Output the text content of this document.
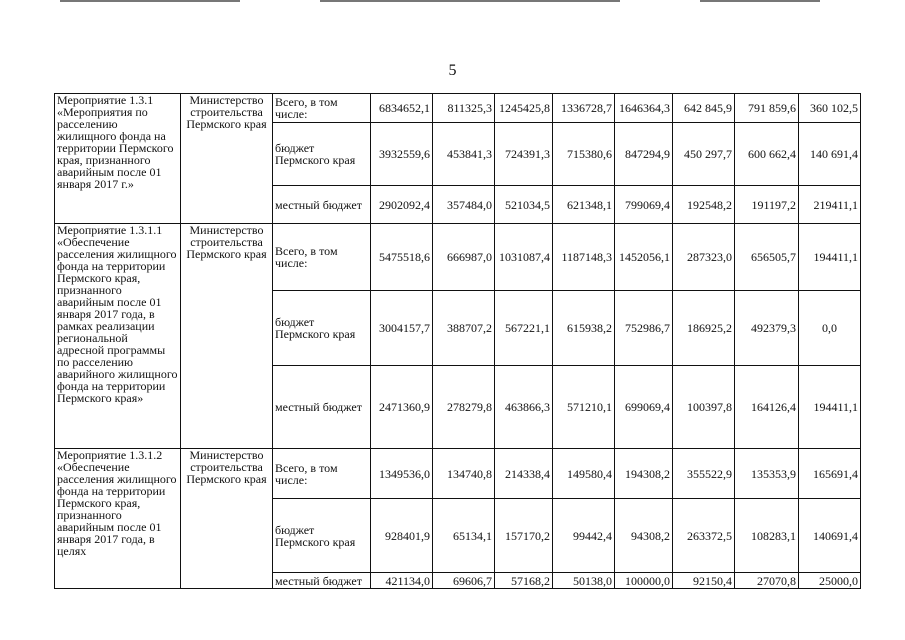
5
Мероприятие 1.3.1 «Мероприятия по расселению жилищного фонда на территории Пермского края, признанного аварийным после 01 января 2017 г.»	Министерство строительства Пермского края	Всего, в том числе:	6834652,1	811325,3	1245425,8	1336728,7	1646364,3	642 845,9	791 859,6	360 102,5
		бюджет Пермского края	3932559,6	453841,3	724391,3	715380,6	847294,9	450 297,7	600 662,4	140 691,4
		местный бюджет	2902092,4	357484,0	521034,5	621348,1	799069,4	192548,2	191197,2	219411,1
Мероприятие 1.3.1.1 «Обеспечение расселения жилищного фонда на территории Пермского края, признанного аварийным после 01 января 2017 года, в рамках реализации региональной адресной программы по расселению аварийного жилищного фонда на территории Пермского края»	Министерство строительства Пермского края	Всего, в том числе:	5475518,6	666987,0	1031087,4	1187148,3	1452056,1	287323,0	656505,7	194411,1
		бюджет Пермского края	3004157,7	388707,2	567221,1	615938,2	752986,7	186925,2	492379,3	0,0
		местный бюджет	2471360,9	278279,8	463866,3	571210,1	699069,4	100397,8	164126,4	194411,1
Мероприятие 1.3.1.2 «Обеспечение расселения жилищного фонда на территории Пермского края, признанного аварийным после 01 января 2017 года, в целях	Министерство строительства Пермского края	Всего, в том числе:	1349536,0	134740,8	214338,4	149580,4	194308,2	355522,9	135353,9	165691,4
		бюджет Пермского края	928401,9	65134,1	157170,2	99442,4	94308,2	263372,5	108283,1	140691,4
		местный бюджет	421134,0	69606,7	57168,2	50138,0	100000,0	92150,4	27070,8	25000,0
